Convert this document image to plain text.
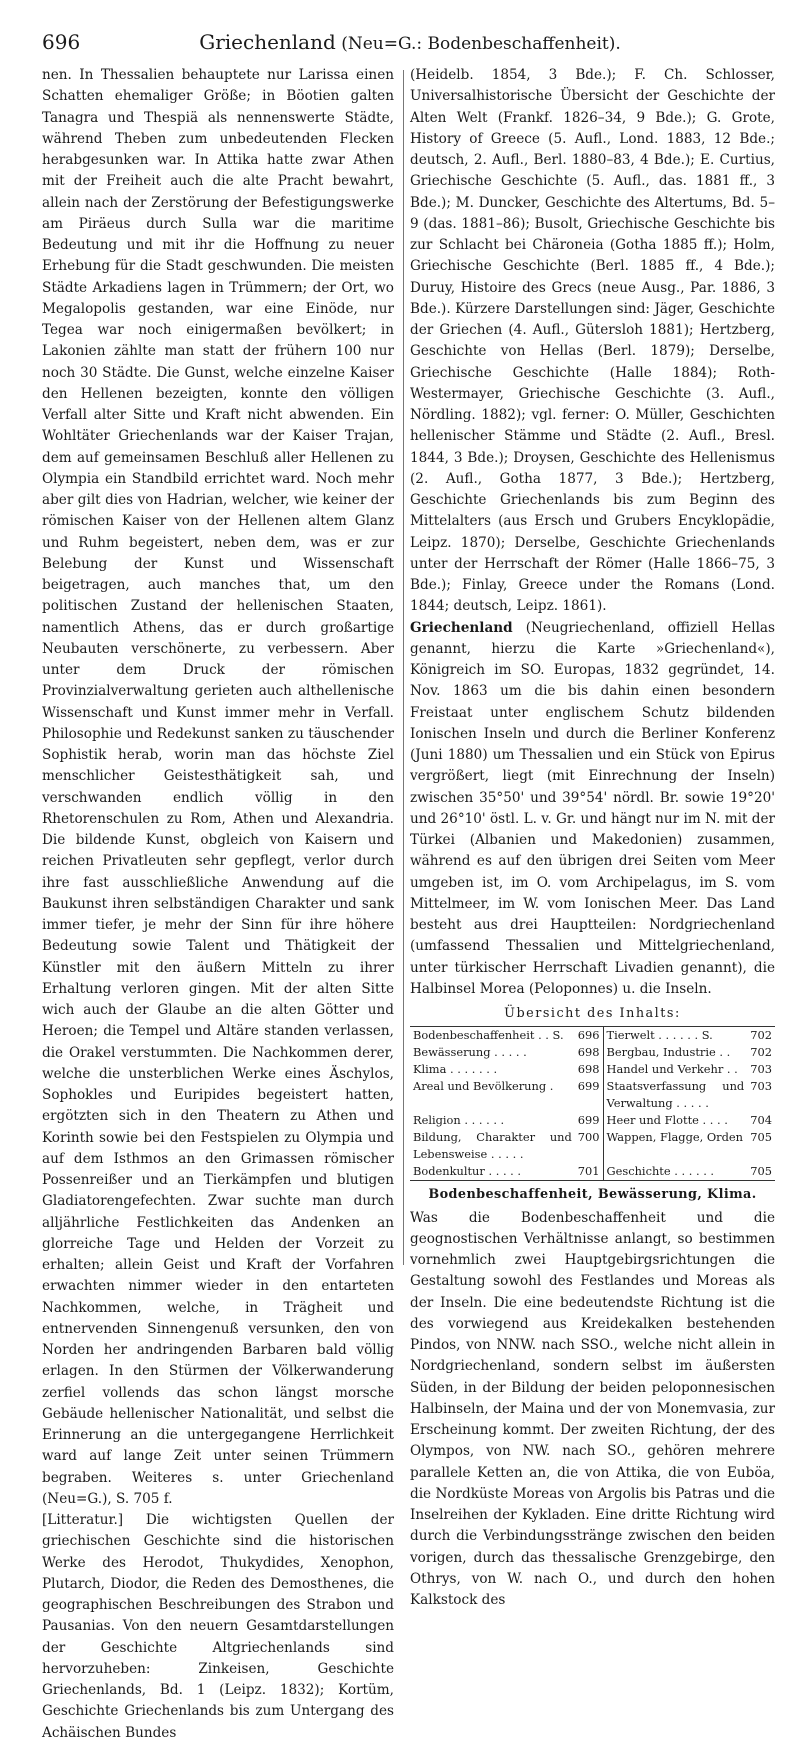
696	Griechenland (Neu=G.: Bodenbeschaffenheit).

nen. In Thessalien behauptete nur Larissa einen Schatten ehemaliger Größe; in Böotien galten Tanagra und Thespiä als nennenswerte Städte, während Theben zum unbedeutenden Flecken herabgesunken war. In Attika hatte zwar Athen mit der Freiheit auch die alte Pracht bewahrt, allein nach der Zerstörung der Befestigungswerke am Piräeus durch Sulla war die maritime Bedeutung und mit ihr die Hoffnung zu neuer Erhebung für die Stadt geschwunden. Die meisten Städte Arkadiens lagen in Trümmern; der Ort, wo Megalopolis gestanden, war eine Einöde, nur Tegea war noch einigermaßen bevölkert; in Lakonien zählte man statt der frühern 100 nur noch 30 Städte. Die Gunst, welche einzelne Kaiser den Hellenen bezeigten, konnte den völligen Verfall alter Sitte und Kraft nicht abwenden. Ein Wohltäter Griechenlands war der Kaiser Trajan, dem auf gemeinsamen Beschluß aller Hellenen zu Olympia ein Standbild errichtet ward. Noch mehr aber gilt dies von Hadrian, welcher, wie keiner der römischen Kaiser von der Hellenen altem Glanz und Ruhm begeistert, neben dem, was er zur Belebung der Kunst und Wissenschaft beigetragen, auch manches that, um den politischen Zustand der hellenischen Staaten, namentlich Athens, das er durch großartige Neubauten verschönerte, zu verbessern. Aber unter dem Druck der römischen Provinzialverwaltung gerieten auch althellenische Wissenschaft und Kunst immer mehr in Verfall. Philosophie und Redekunst sanken zu täuschender Sophistik herab, worin man das höchste Ziel menschlicher Geistesthätigkeit sah, und verschwanden endlich völlig in den Rhetorenschulen zu Rom, Athen und Alexandria. Die bildende Kunst, obgleich von Kaisern und reichen Privatleuten sehr gepflegt, verlor durch ihre fast ausschließliche Anwendung auf die Baukunst ihren selbständigen Charakter und sank immer tiefer, je mehr der Sinn für ihre höhere Bedeutung sowie Talent und Thätigkeit der Künstler mit den äußern Mitteln zu ihrer Erhaltung verloren gingen. Mit der alten Sitte wich auch der Glaube an die alten Götter und Heroen; die Tempel und Altäre standen verlassen, die Orakel verstummten. Die Nachkommen derer, welche die unsterblichen Werke eines Äschylos, Sophokles und Euripides begeistert hatten, ergötzten sich in den Theatern zu Athen und Korinth sowie bei den Festspielen zu Olympia und auf dem Isthmos an den Grimassen römischer Possenreißer und an Tierkämpfen und blutigen Gladiatorengefechten. Zwar suchte man durch alljährliche Festlichkeiten das Andenken an glorreiche Tage und Helden der Vorzeit zu erhalten; allein Geist und Kraft der Vorfahren erwachten nimmer wieder in den entarteten Nachkommen, welche, in Trägheit und entnervenden Sinnengenuß versunken, den von Norden her andringenden Barbaren bald völlig erlagen. In den Stürmen der Völkerwanderung zerfiel vollends das schon längst morsche Gebäude hellenischer Nationalität, und selbst die Erinnerung an die untergegangene Herrlichkeit ward auf lange Zeit unter seinen Trümmern begraben. Weiteres s. unter Griechenland (Neu=G.), S. 705 f.

[Litteratur.] Die wichtigsten Quellen der griechischen Geschichte sind die historischen Werke des Herodot, Thukydides, Xenophon, Plutarch, Diodor, die Reden des Demosthenes, die geographischen Beschreibungen des Strabon und Pausanias. Von den neuern Gesamtdarstellungen der Geschichte Altgriechenlands sind hervorzuheben: Zinkeisen, Geschichte Griechenlands, Bd. 1 (Leipz. 1832); Kortüm, Geschichte Griechenlands bis zum Untergang des Achäischen Bundes

(Heidelb. 1854, 3 Bde.); F. Ch. Schlosser, Universalhistorische Übersicht der Geschichte der Alten Welt (Frankf. 1826–34, 9 Bde.); G. Grote, History of Greece (5. Aufl., Lond. 1883, 12 Bde.; deutsch, 2. Aufl., Berl. 1880–83, 4 Bde.); E. Curtius, Griechische Geschichte (5. Aufl., das. 1881 ff., 3 Bde.); M. Duncker, Geschichte des Altertums, Bd. 5–9 (das. 1881–86); Busolt, Griechische Geschichte bis zur Schlacht bei Chäroneia (Gotha 1885 ff.); Holm, Griechische Geschichte (Berl. 1885 ff., 4 Bde.); Duruy, Histoire des Grecs (neue Ausg., Par. 1886, 3 Bde.). Kürzere Darstellungen sind: Jäger, Geschichte der Griechen (4. Aufl., Gütersloh 1881); Hertzberg, Geschichte von Hellas (Berl. 1879); Derselbe, Griechische Geschichte (Halle 1884); Roth-Westermayer, Griechische Geschichte (3. Aufl., Nördling. 1882); vgl. ferner: O. Müller, Geschichten hellenischer Stämme und Städte (2. Aufl., Bresl. 1844, 3 Bde.); Droysen, Geschichte des Hellenismus (2. Aufl., Gotha 1877, 3 Bde.); Hertzberg, Geschichte Griechenlands bis zum Beginn des Mittelalters (aus Ersch und Grubers Encyklopädie, Leipz. 1870); Derselbe, Geschichte Griechenlands unter der Herrschaft der Römer (Halle 1866–75, 3 Bde.); Finlay, Greece under the Romans (Lond. 1844; deutsch, Leipz. 1861).

Griechenland (Neugriechenland, offiziell Hellas genannt, hierzu die Karte »Griechenland«), Königreich im SO. Europas, 1832 gegründet, 14. Nov. 1863 um die bis dahin einen besondern Freistaat unter englischem Schutz bildenden Ionischen Inseln und durch die Berliner Konferenz (Juni 1880) um Thessalien und ein Stück von Epirus vergrößert, liegt (mit Einrechnung der Inseln) zwischen 35°50' und 39°54' nördl. Br. sowie 19°20' und 26°10' östl. L. v. Gr. und hängt nur im N. mit der Türkei (Albanien und Makedonien) zusammen, während es auf den übrigen drei Seiten vom Meer umgeben ist, im O. vom Archipelagus, im S. vom Mittelmeer, im W. vom Ionischen Meer. Das Land besteht aus drei Hauptteilen: Nordgriechenland (umfassend Thessalien und Mittelgriechenland, unter türkischer Herrschaft Livadien genannt), die Halbinsel Morea (Peloponnes) u. die Inseln.

Übersicht des Inhalts:
Bodenbeschaffenheit . . S.	696	Tierwelt . . . . . . S.	702
Bewässerung . . . . .	698	Bergbau, Industrie . .	702
Klima . . . . . . .	698	Handel und Verkehr . .	703
Areal und Bevölkerung .	699	Staatsverfassung und Verwaltung . . . . .	703
Religion . . . . . .	699	Heer und Flotte . . . .	704
Bildung, Charakter und Lebensweise . . . . .	700	Wappen, Flagge, Orden	705
Bodenkultur . . . . .	701	Geschichte . . . . . .	705
Bodenbeschaffenheit, Bewässerung, Klima.

Was die Bodenbeschaffenheit und die geognostischen Verhältnisse anlangt, so bestimmen vornehmlich zwei Hauptgebirgsrichtungen die Gestaltung sowohl des Festlandes und Moreas als der Inseln. Die eine bedeutendste Richtung ist die des vorwiegend aus Kreidekalken bestehenden Pindos, von NNW. nach SSO., welche nicht allein in Nordgriechenland, sondern selbst im äußersten Süden, in der Bildung der beiden peloponnesischen Halbinseln, der Maina und der von Monemvasia, zur Erscheinung kommt. Der zweiten Richtung, der des Olympos, von NW. nach SO., gehören mehrere parallele Ketten an, die von Attika, die von Euböa, die Nordküste Moreas von Argolis bis Patras und die Inselreihen der Kykladen. Eine dritte Richtung wird durch die Verbindungsstränge zwischen den beiden vorigen, durch das thessalische Grenzgebirge, den Othrys, von W. nach O., und durch den hohen Kalkstock des
